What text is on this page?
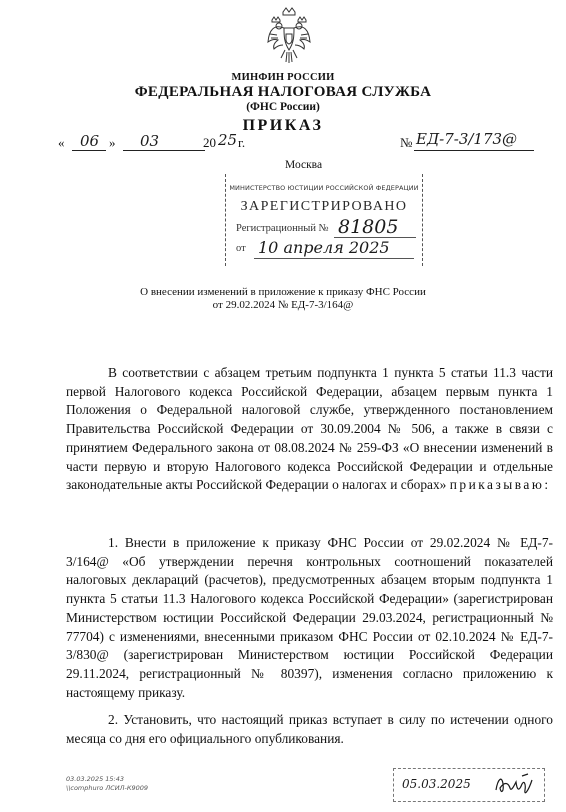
МИНФИН РОССИИ
ФЕДЕРАЛЬНАЯ НАЛОГОВАЯ СЛУЖБА
(ФНС России)
ПРИКАЗ
« 06 » 03	20 25 г.	№ ЕД-7-3/173@
Москва
МИНИСТЕРСТВО ЮСТИЦИИ РОССИЙСКОЙ ФЕДЕРАЦИИ
ЗАРЕГИСТРИРОВАНО
Регистрационный № 81805
от 10 апреля 2025
О внесении изменений в приложение к приказу ФНС России
от 29.02.2024 № ЕД-7-3/164@
В соответствии с абзацем третьим подпункта 1 пункта 5 статьи 11.3 части первой Налогового кодекса Российской Федерации, абзацем первым пункта 1 Положения о Федеральной налоговой службе, утвержденного постановлением Правительства Российской Федерации от 30.09.2004 № 506, а также в связи с принятием Федерального закона от 08.08.2024 № 259-ФЗ «О внесении изменений в части первую и вторую Налогового кодекса Российской Федерации и отдельные законодательные акты Российской Федерации о налогах и сборах» приказываю:
1. Внести в приложение к приказу ФНС России от 29.02.2024 № ЕД-7-3/164@ «Об утверждении перечня контрольных соотношений показателей налоговых деклараций (расчетов), предусмотренных абзацем вторым подпункта 1 пункта 5 статьи 11.3 Налогового кодекса Российской Федерации» (зарегистрирован Министерством юстиции Российской Федерации 29.03.2024, регистрационный № 77704) с изменениями, внесенными приказом ФНС России от 02.10.2024 № ЕД-7-3/830@ (зарегистрирован Министерством юстиции Российской Федерации 29.11.2024, регистрационный № 80397), изменения согласно приложению к настоящему приказу.
2. Установить, что настоящий приказ вступает в силу по истечении одного месяца со дня его официального опубликования.
03.03.2025 15:43
\\comphuro ЛСИЛ-К9009	05.03.2025
